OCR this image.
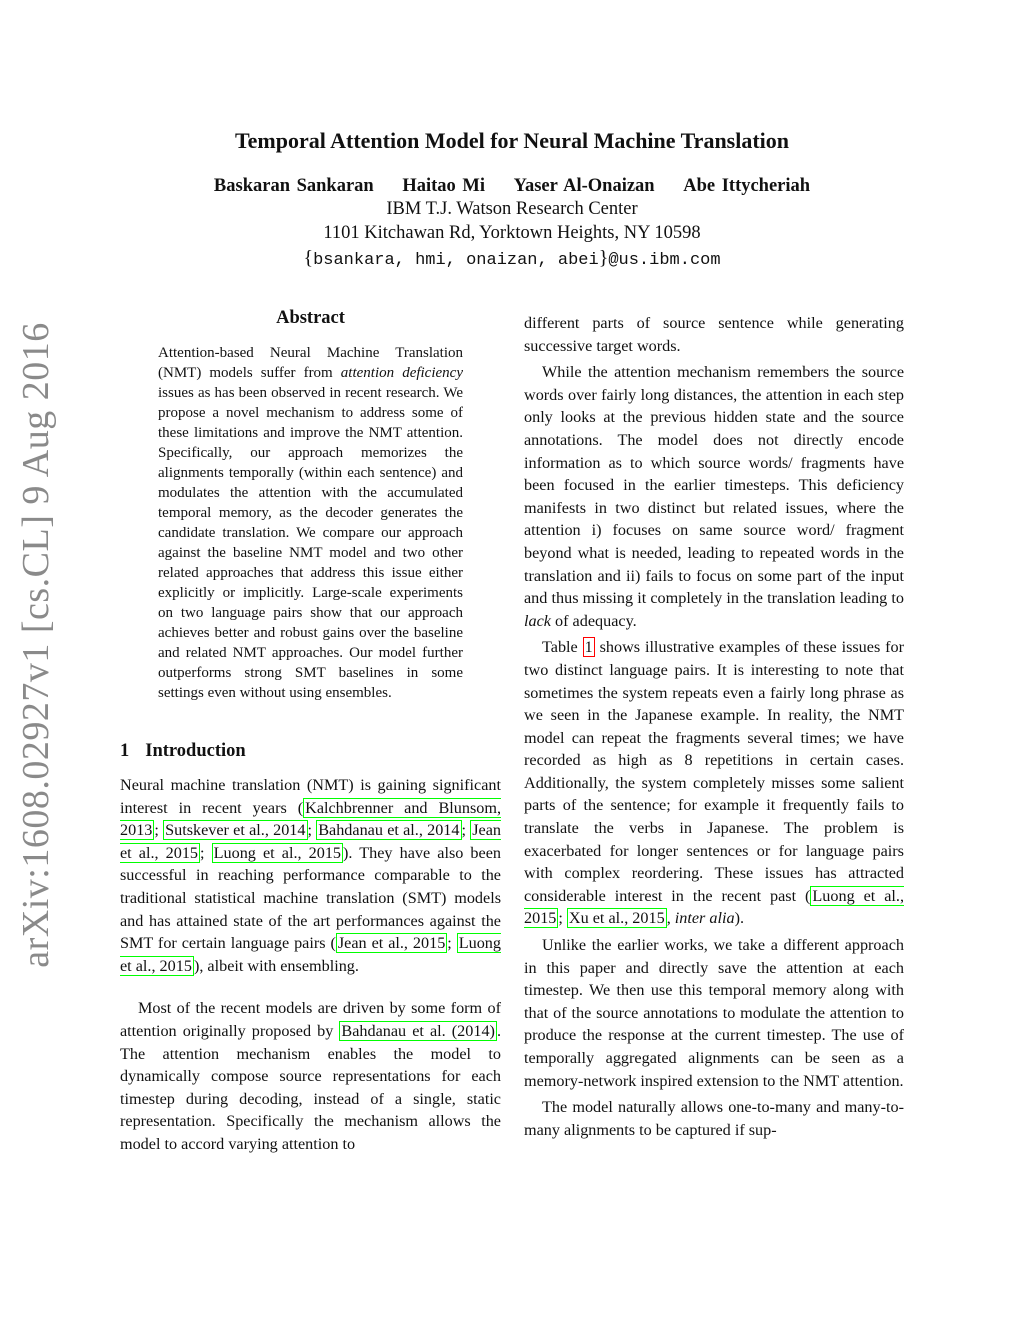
arXiv:1608.02927v1 [cs.CL] 9 Aug 2016
Temporal Attention Model for Neural Machine Translation
Baskaran Sankaran Haitao Mi Yaser Al-Onaizan Abe Ittycheriah
IBM T.J. Watson Research Center
1101 Kitchawan Rd, Yorktown Heights, NY 10598
{bsankara, hmi, onaizan, abei}@us.ibm.com
Abstract
Attention-based Neural Machine Translation (NMT) models suffer from attention deficiency issues as has been observed in recent research. We propose a novel mechanism to address some of these limitations and improve the NMT attention. Specifically, our approach memorizes the alignments temporally (within each sentence) and modulates the attention with the accumulated temporal memory, as the decoder generates the candidate translation. We compare our approach against the baseline NMT model and two other related approaches that address this issue either explicitly or implicitly. Large-scale experiments on two language pairs show that our approach achieves better and robust gains over the baseline and related NMT approaches. Our model further outperforms strong SMT baselines in some settings even without using ensembles.
1 Introduction

Neural machine translation (NMT) is gaining significant interest in recent years ( Kalchbrenner and Blunsom, 2013 ; Sutskever et al., 2014 ; Bahdanau et al., 2014 ; Jean et al., 2015 ; Luong et al., 2015 ). They have also been successful in reaching performance comparable to the traditional statistical machine translation (SMT) models and has attained state of the art performances against the SMT for certain language pairs ( Jean et al., 2015 ; Luong et al., 2015 ), albeit with ensembling.

Most of the recent models are driven by some form of attention originally proposed by Bahdanau et al. (2014) . The attention mechanism enables the model to dynamically compose source representations for each timestep during decoding, instead of a single, static representation. Specifically the mechanism allows the model to accord varying attention to

different parts of source sentence while generating successive target words.

While the attention mechanism remembers the source words over fairly long distances, the attention in each step only looks at the previous hidden state and the source annotations. The model does not directly encode information as to which source words/ fragments have been focused in the earlier timesteps. This deficiency manifests in two distinct but related issues, where the attention i) focuses on same source word/ fragment beyond what is needed, leading to repeated words in the translation and ii) fails to focus on some part of the input and thus missing it completely in the translation leading to lack of adequacy.

Table 1 shows illustrative examples of these issues for two distinct language pairs. It is interesting to note that sometimes the system repeats even a fairly long phrase as we seen in the Japanese example. In reality, the NMT model can repeat the fragments several times; we have recorded as high as 8 repetitions in certain cases. Additionally, the system completely misses some salient parts of the sentence; for example it frequently fails to translate the verbs in Japanese. The problem is exacerbated for longer sentences or for language pairs with complex reordering. These issues has attracted considerable interest in the recent past ( Luong et al., 2015 ; Xu et al., 2015 , inter alia).

Unlike the earlier works, we take a different approach in this paper and directly save the attention at each timestep. We then use this temporal memory along with that of the source annotations to modulate the attention to produce the response at the current timestep. The use of temporally aggregated alignments can be seen as a memory-network inspired extension to the NMT attention.

The model naturally allows one-to-many and many-to-many alignments to be captured if sup-
